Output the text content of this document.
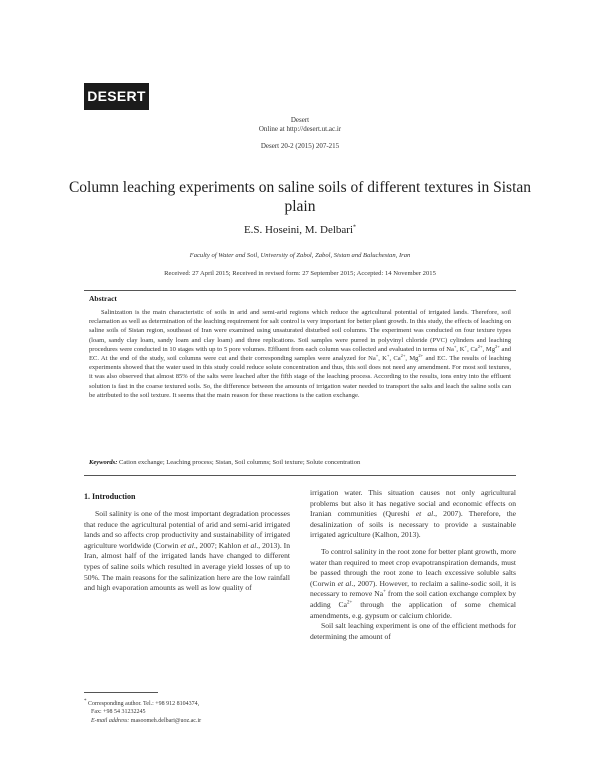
DESERT
Desert
Online at http://desert.ut.ac.ir
Desert 20-2 (2015) 207-215
Column leaching experiments on saline soils of different textures in Sistan plain
E.S. Hoseini, M. Delbari*
Faculty of Water and Soil, University of Zabol, Zabol, Sistan and Baluchestan, Iran
Received: 27 April 2015; Received in revised form: 27 September 2015; Accepted: 14 November 2015
Abstract
Salinization is the main characteristic of soils in arid and semi-arid regions which reduce the agricultural potential of irrigated lands. Therefore, soil reclamation as well as determination of the leaching requirement for salt control is very important for better plant growth. In this study, the effects of leaching on saline soils of Sistan region, southeast of Iran were examined using unsaturated disturbed soil columns. The experiment was conducted on four texture types (loam, sandy clay loam, sandy loam and clay loam) and three replications. Soil samples were purred in polyvinyl chloride (PVC) cylinders and leaching procedures were conducted in 10 stages with up to 5 pore volumes. Effluent from each column was collected and evaluated in terms of Na+, K+, $Ca^{2+}$, $Mg^{2+}$ and EC. At the end of the study, soil columns were cut and their corresponding samples were analyzed for Na+, K+, $Ca^{2+}$, $Mg^{2+}$ and EC. The results of leaching experiments showed that the water used in this study could reduce solute concentration and thus, this soil does not need any amendment. For most soil textures, it was also observed that almost 85% of the salts were leached after the fifth stage of the leaching process. According to the results, ions entry into the effluent solution is fast in the coarse textured soils. So, the difference between the amounts of irrigation water needed to transport the salts and leach the saline soils can be attributed to the soil texture. It seems that the main reason for these reactions is the cation exchange.
Keywords: Cation exchange; Leaching process; Sistan, Soil columns; Soil texture; Solute concentration
1. Introduction

Soil salinity is one of the most important degradation processes that reduce the agricultural potential of arid and semi-arid irrigated lands and so affects crop productivity and sustainability of irrigated agriculture worldwide (Corwin et al., 2007; Kahlon et al., 2013). In Iran, almost half of the irrigated lands have changed to different types of saline soils which resulted in average yield losses of up to 50%. The main reasons for the salinization here are the low rainfall and high evaporation amounts as well as low quality of

irrigation water. This situation causes not only agricultural problems but also it has negative social and economic effects on Iranian communities (Qureshi et al., 2007). Therefore, the desalinization of soils is necessary to provide a sustainable irrigated agriculture (Kalhon, 2013).

To control salinity in the root zone for better plant growth, more water than required to meet crop evapotranspiration demands, must be passed through the root zone to leach excessive soluble salts (Corwin et al., 2007). However, to reclaim a saline-sodic soil, it is necessary to remove Na+ from the soil cation exchange complex by adding $Ca^{2+}$ through the application of some chemical amendments, e.g. gypsum or calcium chloride.

Soil salt leaching experiment is one of the efficient methods for determining the amount of

* Corresponding author. Tel.: +98 912 8104374,
Fax: +98 54 31232245
E-mail address: masoomeh.delbari@uoz.ac.ir
